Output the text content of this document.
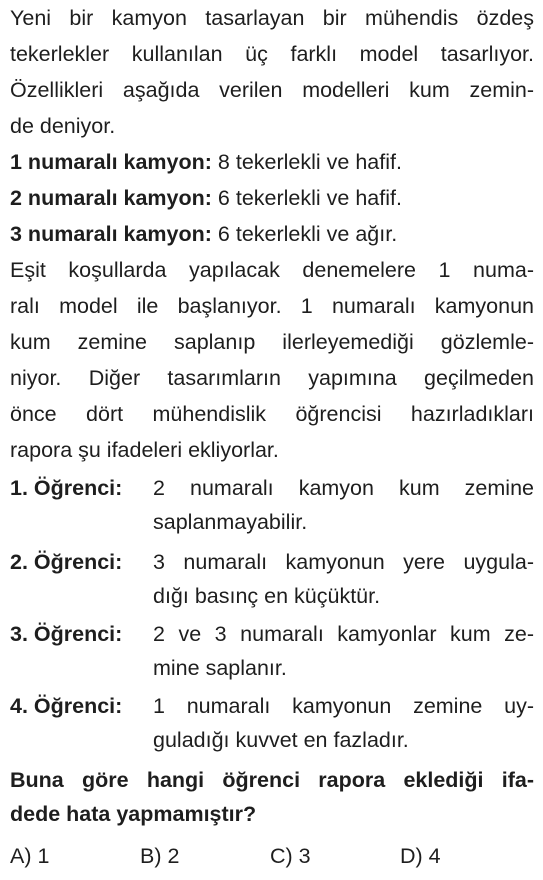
Yeni bir kamyon tasarlayan bir mühendis özdeş
tekerlekler kullanılan üç farklı model tasarlıyor.
Özellikleri aşağıda verilen modelleri kum zemin-
de deniyor.
1 numaralı kamyon: 8 tekerlekli ve hafif.
2 numaralı kamyon: 6 tekerlekli ve hafif.
3 numaralı kamyon: 6 tekerlekli ve ağır.
Eşit koşullarda yapılacak denemelere 1 numa-
ralı model ile başlanıyor. 1 numaralı kamyonun
kum zemine saplanıp ilerleyemediği gözlemle-
niyor. Diğer tasarımların yapımına geçilmeden
önce dört mühendislik öğrencisi hazırladıkları
rapora şu ifadeleri ekliyorlar.
1. Öğrenci: 2 numaralı kamyon kum zemine
saplanmayabilir.
2. Öğrenci: 3 numaralı kamyonun yere uygula-
dığı basınç en küçüktür.
3. Öğrenci: 2 ve 3 numaralı kamyonlar kum ze-
mine saplanır.
4. Öğrenci: 1 numaralı kamyonun zemine uy-
guladığı kuvvet en fazladır.
Buna göre hangi öğrenci rapora eklediği ifa-
dede hata yapmamıştır?
A) 1	B) 2	C) 3	D) 4
